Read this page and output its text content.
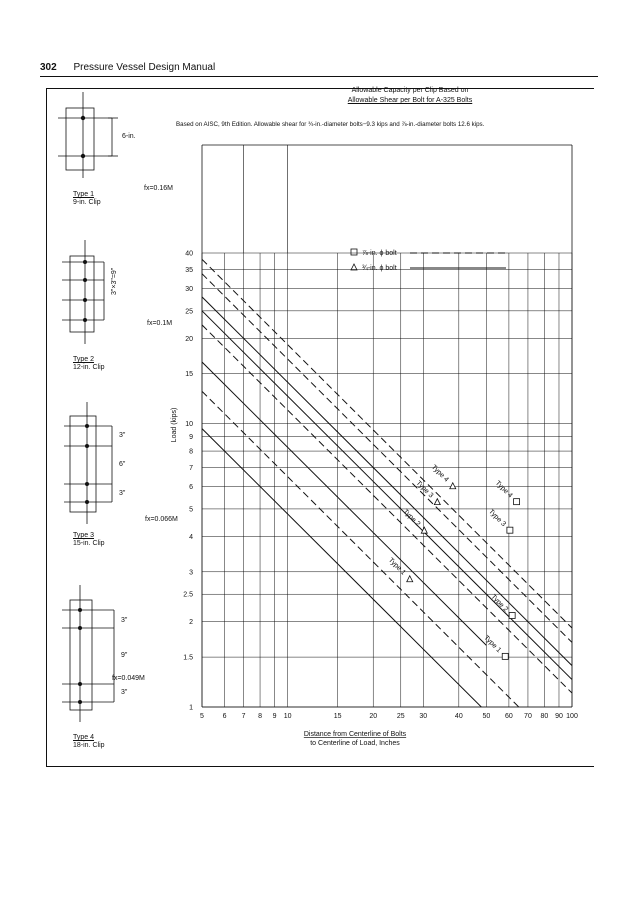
302 Pressure Vessel Design Manual
Allowable Capacity per Clip Based on
Allowable Shear per Bolt for A-325 Bolts
Based on AISC, 9th Edition. Allowable shear for ¾-in.-diameter bolts−9.3 kips and ⅞-in.-diameter bolts 12.6 kips.
Type 1
9-in. Clip
Type 2
12-in. Clip
Type 3
15-in. Clip
Type 4
18-in. Clip
fx=0.16M
fx=0.1M
fx=0.066M
fx=0.049M
6-in.
3"×3"=9"
3"
6"
3"
3"
9"
3"
Type 1
Type 2
Type 3
Type 4
Type 4
Type 3
Type 2
Type 1
5	6 7 8 9 10	15	20	25 30	40	50 60 70 80 90 100
1
1.5
2
2.5
3
4
5
6
7
8
9
10
15
20
25
30
35
40	⅞-in. ϕ bolt
¾-in. ϕ bolt
Load (kips)
Distance from Centerline of Bolts
to Centerline of Load, Inches
